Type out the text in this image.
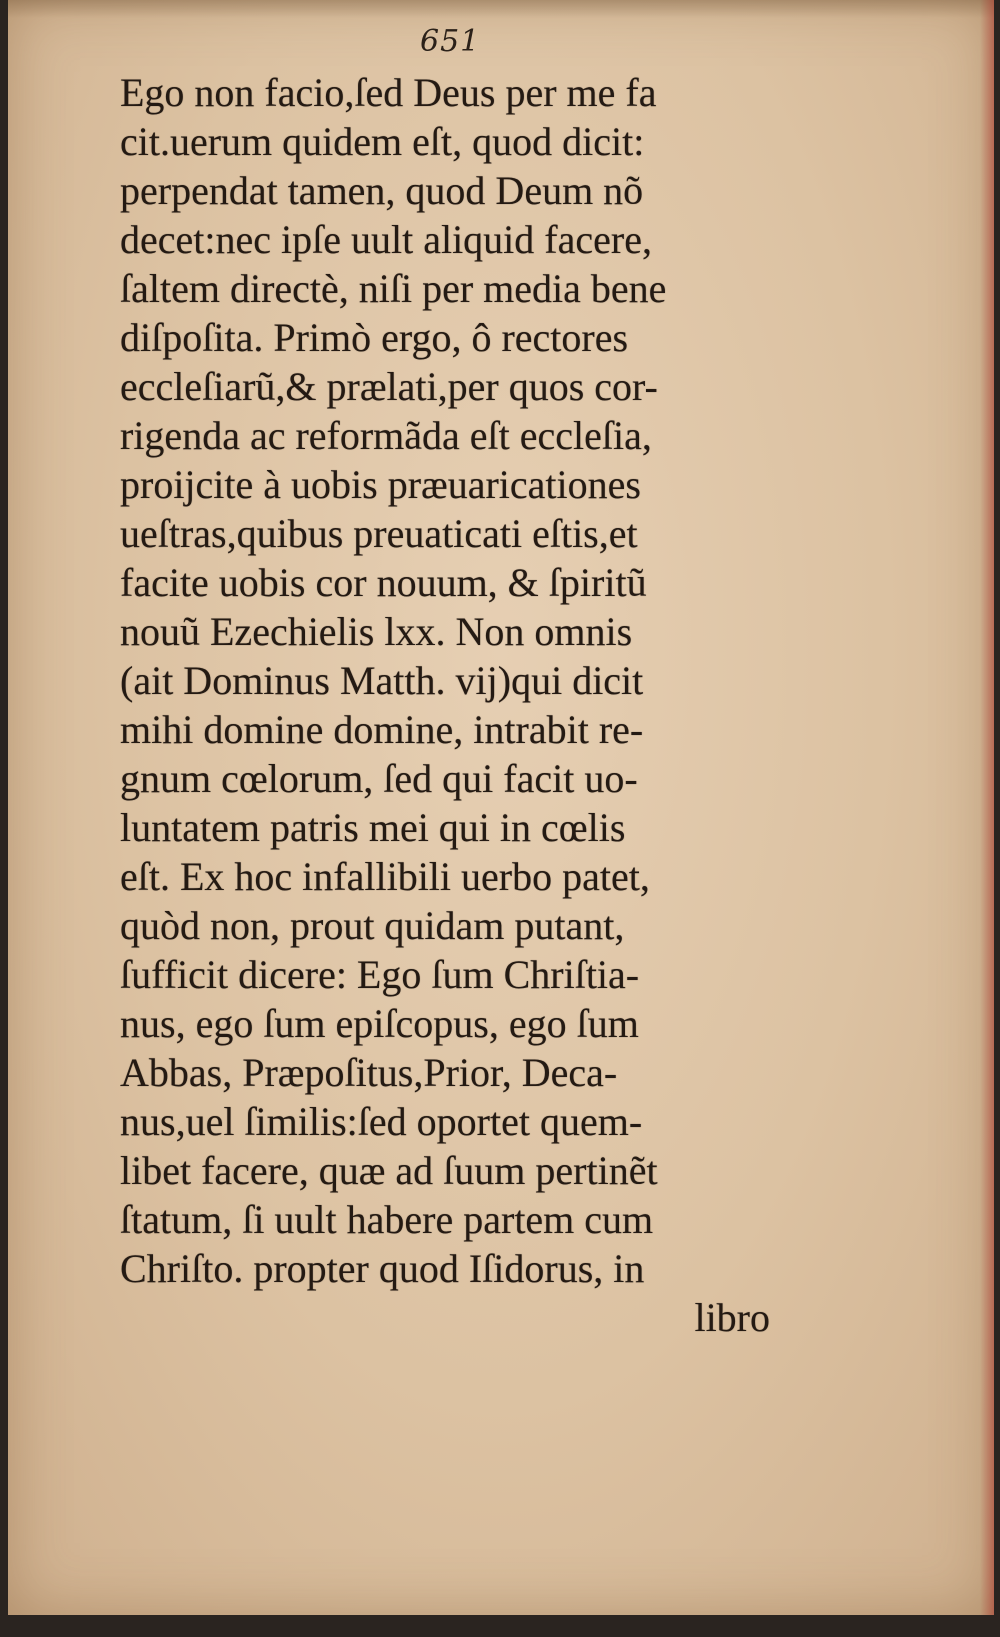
651
Ego non facio,ſed Deus per me fa
cit.uerum quidem eſt, quod dicit:
perpendat tamen, quod Deum nõ
decet:nec ipſe uult aliquid facere,
ſaltem directè, niſi per media bene
diſpoſita. Primò ergo, ô rectores
eccleſiarũ,& prælati,per quos cor-
rigenda ac reformãda eſt eccleſia,
proijcite à uobis præuaricationes
ueſtras,quibus preuaticati eſtis,et
facite uobis cor nouum, & ſpiritũ
nouũ Ezechielis lxx. Non omnis
(ait Dominus Matth. vij)qui dicit
mihi domine domine, intrabit re-
gnum cœlorum, ſed qui facit uo-
luntatem patris mei qui in cœlis
eſt. Ex hoc infallibili uerbo patet,
quòd non, prout quidam putant,
ſufficit dicere: Ego ſum Chriſtia-
nus, ego ſum epiſcopus, ego ſum
Abbas, Præpoſitus,Prior, Deca-
nus,uel ſimilis:ſed oportet quem-
libet facere, quæ ad ſuum pertinẽt
ſtatum, ſi uult habere partem cum
Chriſto. propter quod Iſidorus, in
libro
